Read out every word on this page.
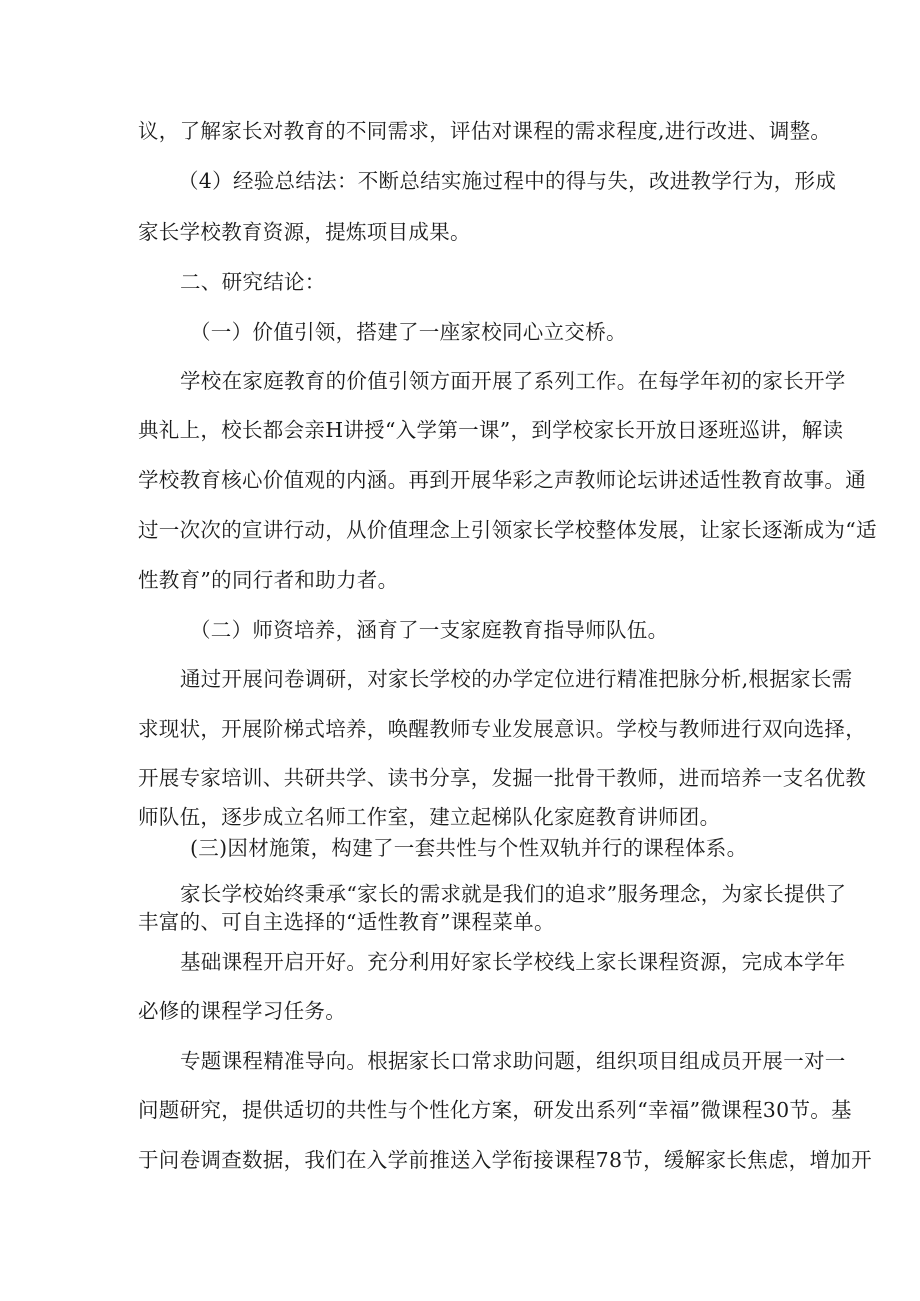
议，了解家长对教育的不同需求，评估对课程的需求程度,进行改进、调整。
（4）经验总结法：不断总结实施过程中的得与失，改进教学行为，形成
家长学校教育资源，提炼项目成果。
二、研究结论：
（一）价值引领，搭建了一座家校同心立交桥。
学校在家庭教育的价值引领方面开展了系列工作。在每学年初的家长开学
典礼上，校长都会亲H讲授“入学第一课”，到学校家长开放日逐班巡讲，解读
学校教育核心价值观的内涵。再到开展华彩之声教师论坛讲述适性教育故事。通
过一次次的宣讲行动，从价值理念上引领家长学校整体发展，让家长逐渐成为“适
性教育”的同行者和助力者。
（二）师资培养，涵育了一支家庭教育指导师队伍。
通过开展问卷调研，对家长学校的办学定位进行精准把脉分析,根据家长需
求现状，开展阶梯式培养，唤醒教师专业发展意识。学校与教师进行双向选择，
开展专家培训、共研共学、读书分享，发掘一批骨干教师，进而培养一支名优教
师队伍，逐步成立名师工作室，建立起梯队化家庭教育讲师团。
(三)因材施策，构建了一套共性与个性双轨并行的课程体系。
家长学校始终秉承“家长的需求就是我们的追求”服务理念，为家长提供了
丰富的、可自主选择的“适性教育”课程菜单。
基础课程开启开好。充分利用好家长学校线上家长课程资源，完成本学年
必修的课程学习任务。
专题课程精准导向。根据家长口常求助问题，组织项目组成员开展一对一
问题研究，提供适切的共性与个性化方案，研发出系列“幸福”微课程30节。基
于问卷调查数据，我们在入学前推送入学衔接课程78节，缓解家长焦虑，增加开
